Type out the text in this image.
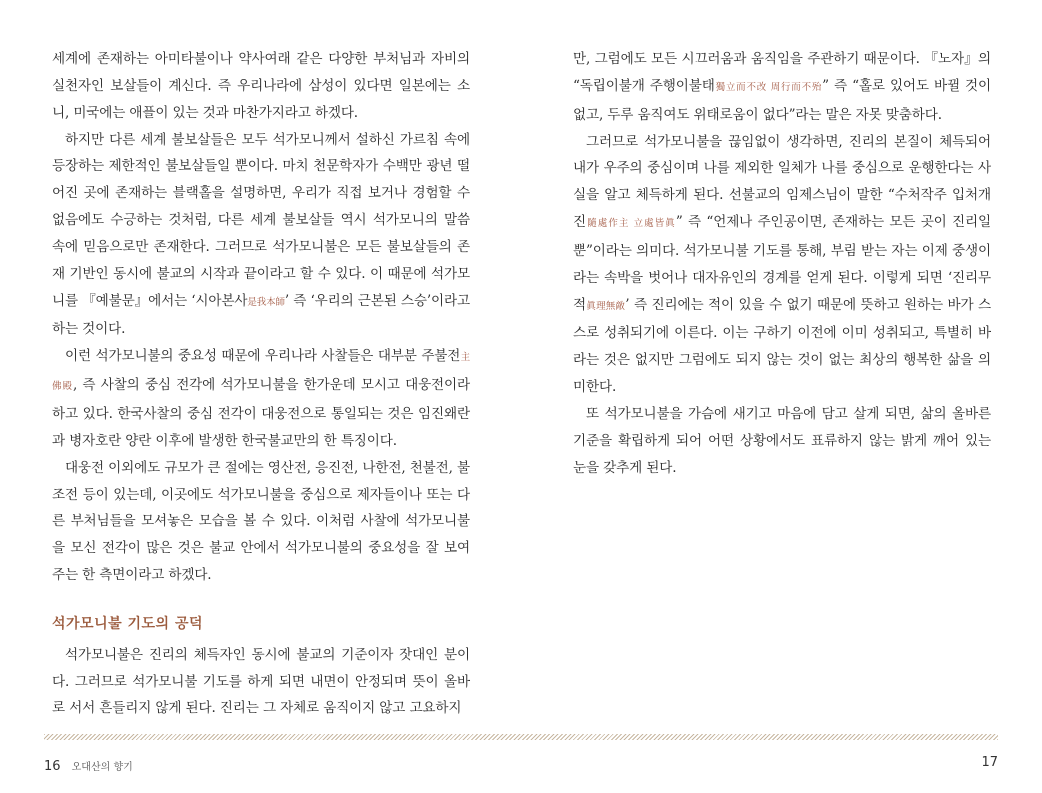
세계에 존재하는 아미타불이나 약사여래 같은 다양한 부처님과 자비의 실천자인 보살들이 계신다. 즉 우리나라에 삼성이 있다면 일본에는 소니, 미국에는 애플이 있는 것과 마찬가지라고 하겠다.

하지만 다른 세계 불보살들은 모두 석가모니께서 설하신 가르침 속에 등장하는 제한적인 불보살들일 뿐이다. 마치 천문학자가 수백만 광년 떨어진 곳에 존재하는 블랙홀을 설명하면, 우리가 직접 보거나 경험할 수 없음에도 수긍하는 것처럼, 다른 세계 불보살들 역시 석가모니의 말씀 속에 믿음으로만 존재한다. 그러므로 석가모니불은 모든 불보살들의 존재 기반인 동시에 불교의 시작과 끝이라고 할 수 있다. 이 때문에 석가모니를 『예불문』에서는 ‘시아본사是我本師’ 즉 ‘우리의 근본된 스승’이라고 하는 것이다.

이런 석가모니불의 중요성 때문에 우리나라 사찰들은 대부분 주불전主佛殿, 즉 사찰의 중심 전각에 석가모니불을 한가운데 모시고 대웅전이라 하고 있다. 한국사찰의 중심 전각이 대웅전으로 통일되는 것은 임진왜란과 병자호란 양란 이후에 발생한 한국불교만의 한 특징이다.

대웅전 이외에도 규모가 큰 절에는 영산전, 응진전, 나한전, 천불전, 불조전 등이 있는데, 이곳에도 석가모니불을 중심으로 제자들이나 또는 다른 부처님들을 모셔놓은 모습을 볼 수 있다. 이처럼 사찰에 석가모니불을 모신 전각이 많은 것은 불교 안에서 석가모니불의 중요성을 잘 보여주는 한 측면이라고 하겠다.

석가모니불 기도의 공덕

석가모니불은 진리의 체득자인 동시에 불교의 기준이자 잣대인 분이다. 그러므로 석가모니불 기도를 하게 되면 내면이 안정되며 뜻이 올바로 서서 흔들리지 않게 된다. 진리는 그 자체로 움직이지 않고 고요하지

만, 그럼에도 모든 시끄러움과 움직임을 주관하기 때문이다. 『노자』의 “독립이불개 주행이불태獨立而不改 周行而不殆” 즉 “홀로 있어도 바뀔 것이 없고, 두루 움직여도 위태로움이 없다”라는 말은 자못 맞춤하다.

그러므로 석가모니불을 끊임없이 생각하면, 진리의 본질이 체득되어 내가 우주의 중심이며 나를 제외한 일체가 나를 중심으로 운행한다는 사실을 알고 체득하게 된다. 선불교의 임제스님이 말한 “수처작주 입처개진隨處作主 立處皆眞” 즉 “언제나 주인공이면, 존재하는 모든 곳이 진리일 뿐”이라는 의미다. 석가모니불 기도를 통해, 부림 받는 자는 이제 중생이라는 속박을 벗어나 대자유인의 경계를 얻게 된다. 이렇게 되면 ‘진리무적眞理無敵’ 즉 진리에는 적이 있을 수 없기 때문에 뜻하고 원하는 바가 스스로 성취되기에 이른다. 이는 구하기 이전에 이미 성취되고, 특별히 바라는 것은 없지만 그럼에도 되지 않는 것이 없는 최상의 행복한 삶을 의미한다.

또 석가모니불을 가슴에 새기고 마음에 담고 살게 되면, 삶의 올바른 기준을 확립하게 되어 어떤 상황에서도 표류하지 않는 밝게 깨어 있는 눈을 갖추게 된다.

16 오대산의 향기	17
